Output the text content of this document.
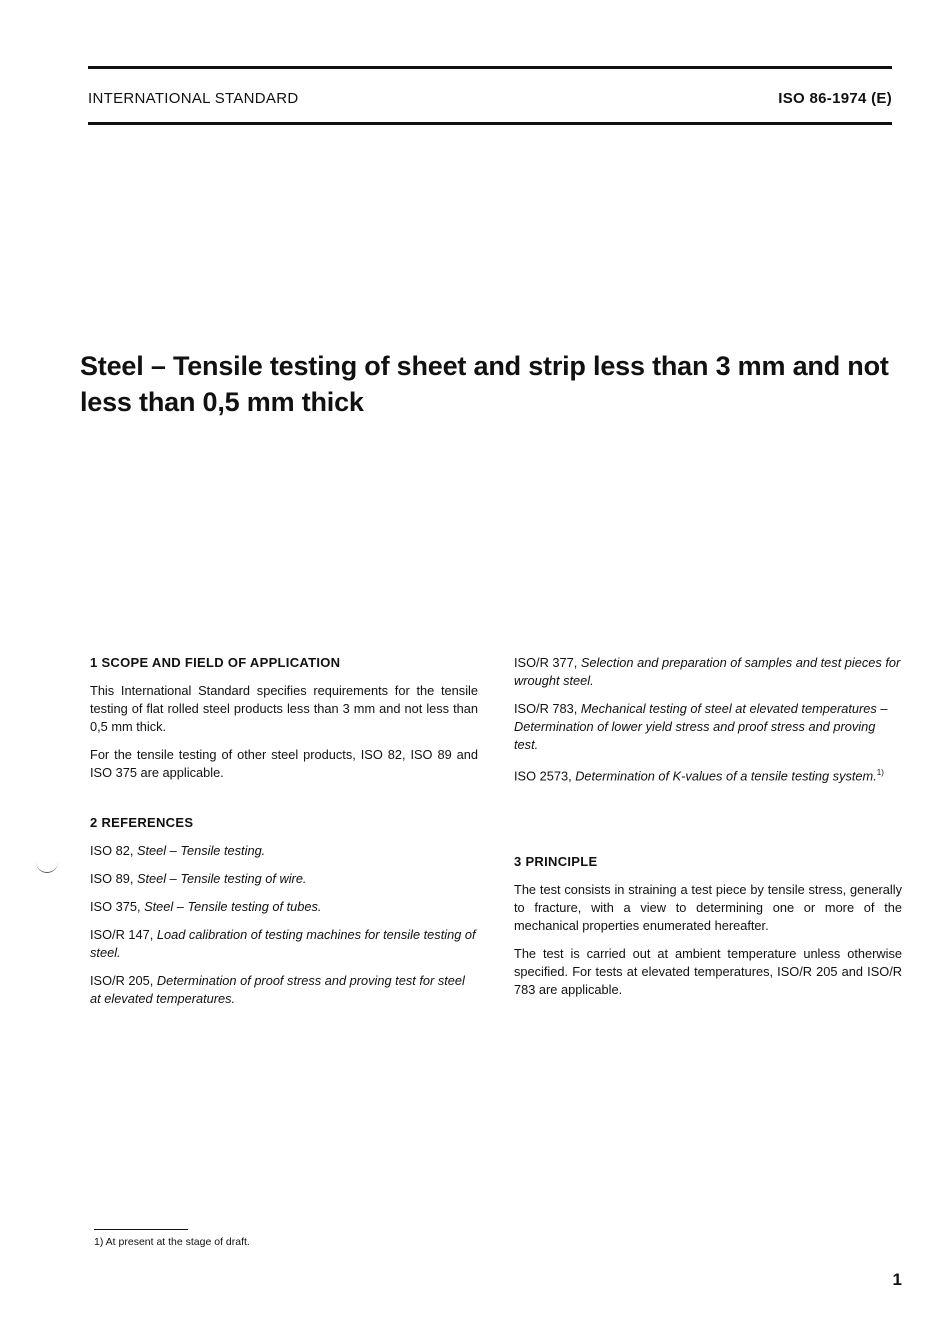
INTERNATIONAL STANDARD	ISO 86-1974 (E)
Steel – Tensile testing of sheet and strip less than 3 mm and not less than 0,5 mm thick
1 SCOPE AND FIELD OF APPLICATION

This International Standard specifies requirements for the tensile testing of flat rolled steel products less than 3 mm and not less than 0,5 mm thick.

For the tensile testing of other steel products, ISO 82, ISO 89 and ISO 375 are applicable.

2 REFERENCES

ISO 82, Steel – Tensile testing.

ISO 89, Steel – Tensile testing of wire.

ISO 375, Steel – Tensile testing of tubes.

ISO/R 147, Load calibration of testing machines for tensile testing of steel.

ISO/R 205, Determination of proof stress and proving test for steel at elevated temperatures.

ISO/R 377, Selection and preparation of samples and test pieces for wrought steel.

ISO/R 783, Mechanical testing of steel at elevated temperatures – Determination of lower yield stress and proof stress and proving test.

ISO 2573, Determination of K-values of a tensile testing system.$^{1)}$

3 PRINCIPLE

The test consists in straining a test piece by tensile stress, generally to fracture, with a view to determining one or more of the mechanical properties enumerated hereafter.

The test is carried out at ambient temperature unless otherwise specified. For tests at elevated temperatures, ISO/R 205 and ISO/R 783 are applicable.

1) At present at the stage of draft.
1
